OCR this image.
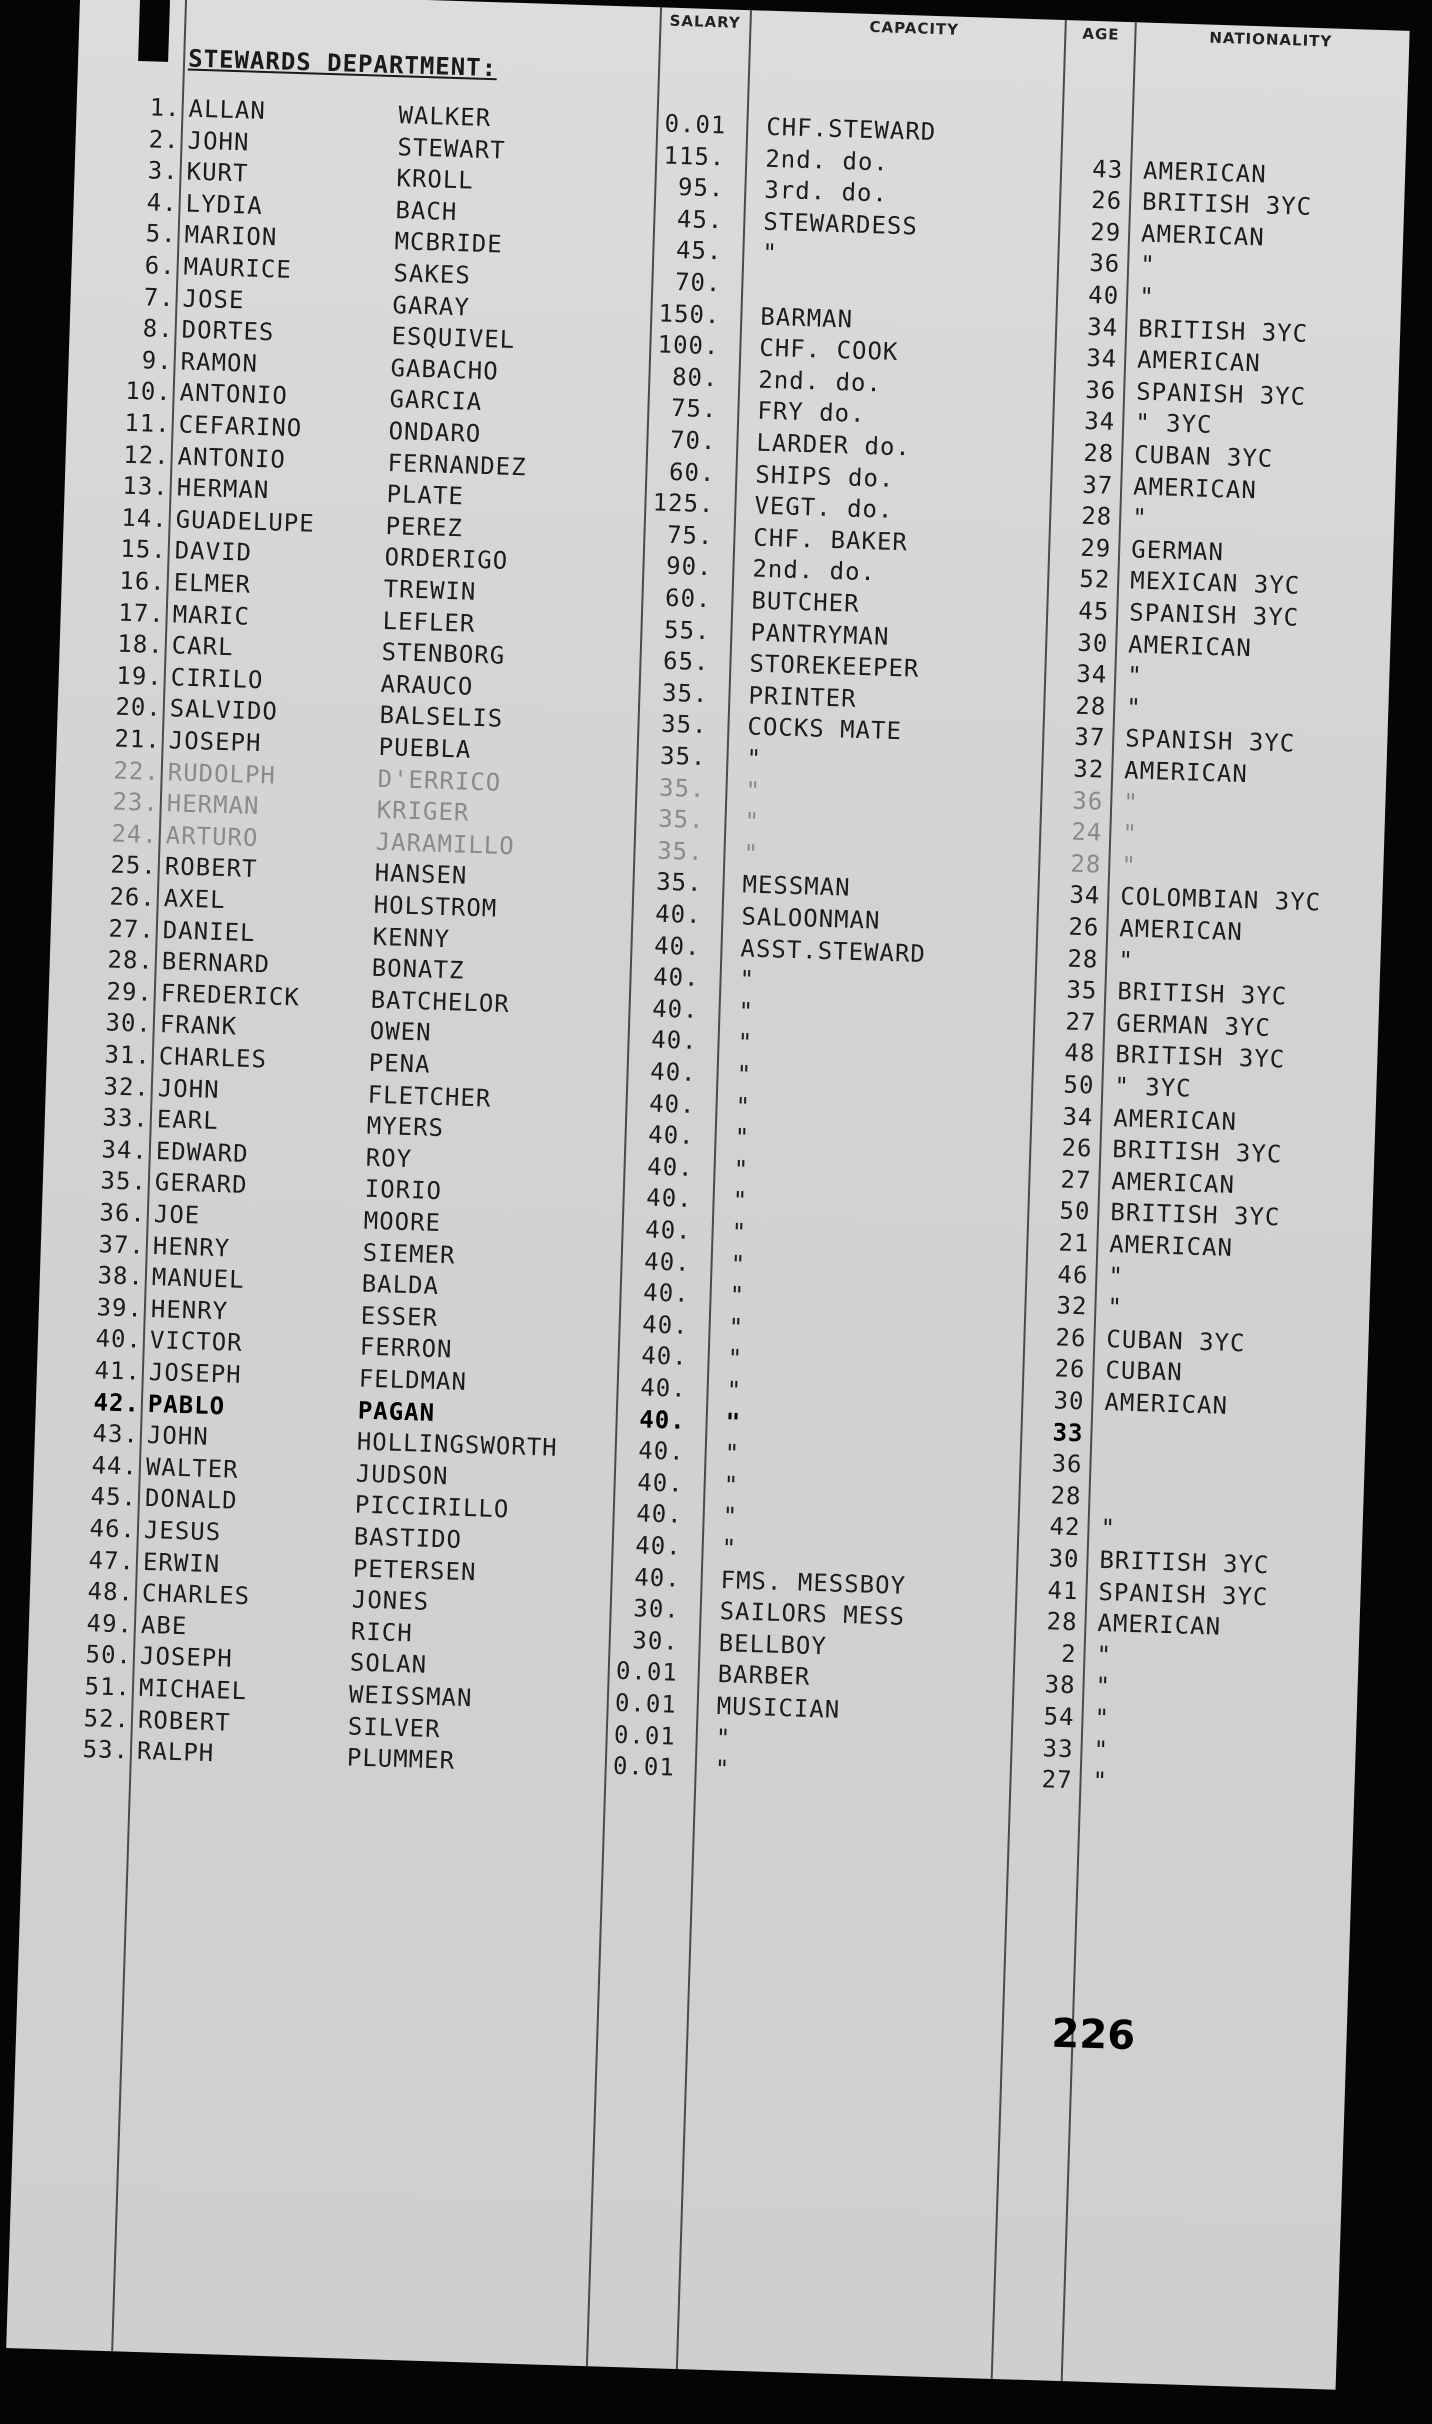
SALARY	CAPACITY	AGE	NATIONALITY
STEWARDS DEPARTMENT:
1. ALLAN	WALKER	0.01 CHF.STEWARD
2. JOHN	STEWART	115. 2nd. do.	43 AMERICAN
3. KURT	KROLL	95. 3rd. do.	26 BRITISH 3YC
4. LYDIA	BACH	45. STEWARDESS	29 AMERICAN
5. MARION	MCBRIDE	45. "	36 "
6. MAURICE	SAKES	70.	40 "
7. JOSE	GARAY	150. BARMAN	34 BRITISH 3YC
8. DORTES	ESQUIVEL	100. CHF. COOK	34 AMERICAN
9. RAMON	GABACHO	80. 2nd. do.	36 SPANISH 3YC
10. ANTONIO	GARCIA	75. FRY do.	34 " 3YC
11. CEFARINO	ONDARO	70. LARDER do.	28 CUBAN 3YC
12. ANTONIO	FERNANDEZ	60. SHIPS do.	37 AMERICAN
13. HERMAN	PLATE	125. VEGT. do.	28 "
14. GUADELUPE	PEREZ	75. CHF. BAKER	29 GERMAN
15. DAVID	ORDERIGO	90. 2nd. do.	52 MEXICAN 3YC
16. ELMER	TREWIN	60. BUTCHER	45 SPANISH 3YC
17. MARIC	LEFLER	55. PANTRYMAN	30 AMERICAN
18. CARL	STENBORG	65. STOREKEEPER	34 "
19. CIRILO	ARAUCO	35. PRINTER	28 "
20. SALVIDO	BALSELIS	35. COCKS MATE	37 SPANISH 3YC
21. JOSEPH	PUEBLA	35. "	32 AMERICAN
22. RUDOLPH	D'ERRICO	35. "	36 "
23. HERMAN	KRIGER	35. "	24 "
24. ARTURO	JARAMILLO	35. "	28 "
25. ROBERT	HANSEN	35. MESSMAN	34 COLOMBIAN 3YC
26. AXEL	HOLSTROM	40. SALOONMAN	26 AMERICAN
27. DANIEL	KENNY	40. ASST.STEWARD	28 "
28. BERNARD	BONATZ	40. "	35 BRITISH 3YC
29. FREDERICK	BATCHELOR	40. "	27 GERMAN 3YC
30. FRANK	OWEN	40. "	48 BRITISH 3YC
31. CHARLES	PENA	40. "	50 " 3YC
32. JOHN	FLETCHER	40. "	34 AMERICAN
33. EARL	MYERS	40. "	26 BRITISH 3YC
34. EDWARD	ROY	40. "	27 AMERICAN
35. GERARD	IORIO	40. "	50 BRITISH 3YC
36. JOE	MOORE	40. "	21 AMERICAN
37. HENRY	SIEMER	40. "	46 "
38. MANUEL	BALDA	40. "	32 "
39. HENRY	ESSER	40. "	26 CUBAN 3YC
40. VICTOR	FERRON	40. "	26 CUBAN
41. JOSEPH	FELDMAN	40. "	30 AMERICAN
42. PABLO	PAGAN	40. "	33
43. JOHN	HOLLINGSWORTH	40. "	36
44. WALTER	JUDSON	40. "	28
45. DONALD	PICCIRILLO	40. "	42 "
46. JESUS	BASTIDO	40. "	30 BRITISH 3YC
47. ERWIN	PETERSEN	40. FMS. MESSBOY	41 SPANISH 3YC
48. CHARLES	JONES	30. SAILORS MESS	28 AMERICAN
49. ABE	RICH	30. BELLBOY	2 "
50. JOSEPH	SOLAN	0.01 BARBER	38 "
51. MICHAEL	WEISSMAN	0.01 MUSICIAN	54 "
52. ROBERT	SILVER	0.01 "	33 "
53. RALPH	PLUMMER	0.01 "	27 "
226
